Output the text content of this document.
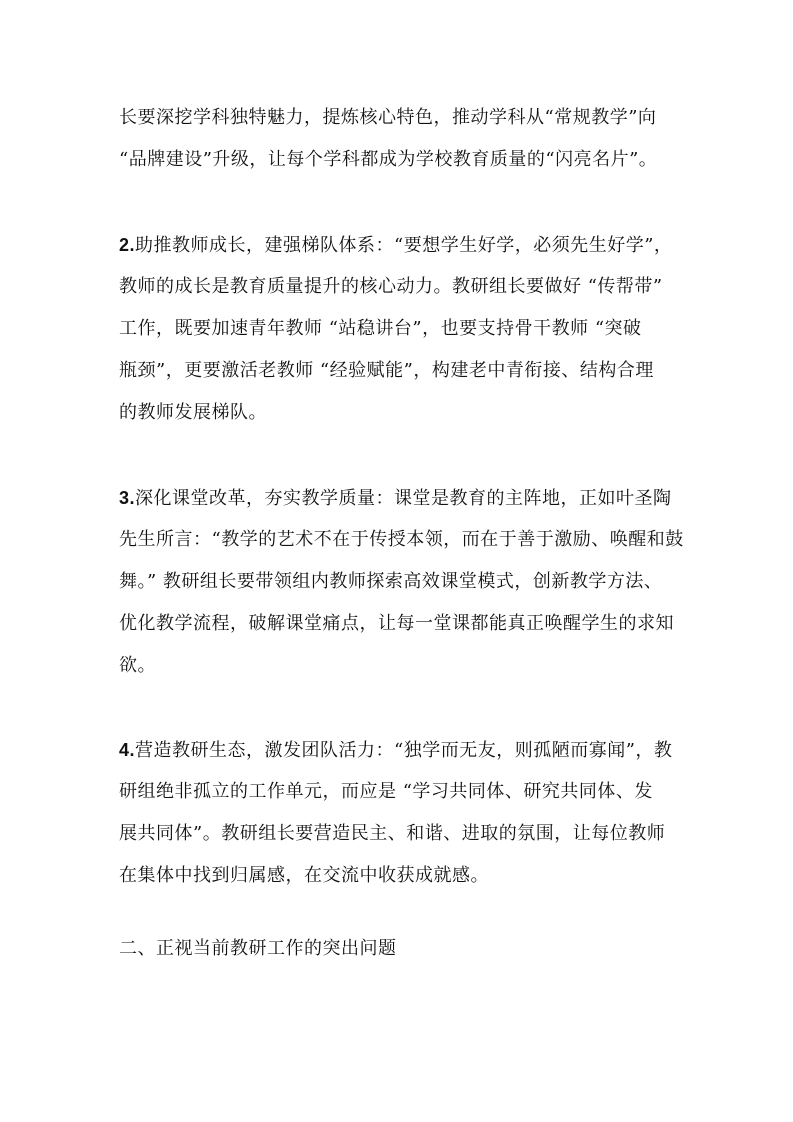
长要深挖学科独特魅力，提炼核心特色，推动学科从“常规教学”向
“品牌建设”升级，让每个学科都成为学校教育质量的“闪亮名片”。
2.助推教师成长，建强梯队体系：“要想学生好学，必须先生好学”，
教师的成长是教育质量提升的核心动力。教研组长要做好 “传帮带”
工作，既要加速青年教师 “站稳讲台”，也要支持骨干教师 “突破
瓶颈”，更要激活老教师 “经验赋能”，构建老中青衔接、结构合理
的教师发展梯队。
3.深化课堂改革，夯实教学质量：课堂是教育的主阵地，正如叶圣陶
先生所言：“教学的艺术不在于传授本领，而在于善于激励、唤醒和鼓
舞。” 教研组长要带领组内教师探索高效课堂模式，创新教学方法、
优化教学流程，破解课堂痛点，让每一堂课都能真正唤醒学生的求知
欲。
4.营造教研生态，激发团队活力：“独学而无友，则孤陋而寡闻”，教
研组绝非孤立的工作单元，而应是 “学习共同体、研究共同体、发
展共同体”。教研组长要营造民主、和谐、进取的氛围，让每位教师
在集体中找到归属感，在交流中收获成就感。
二、正视当前教研工作的突出问题
